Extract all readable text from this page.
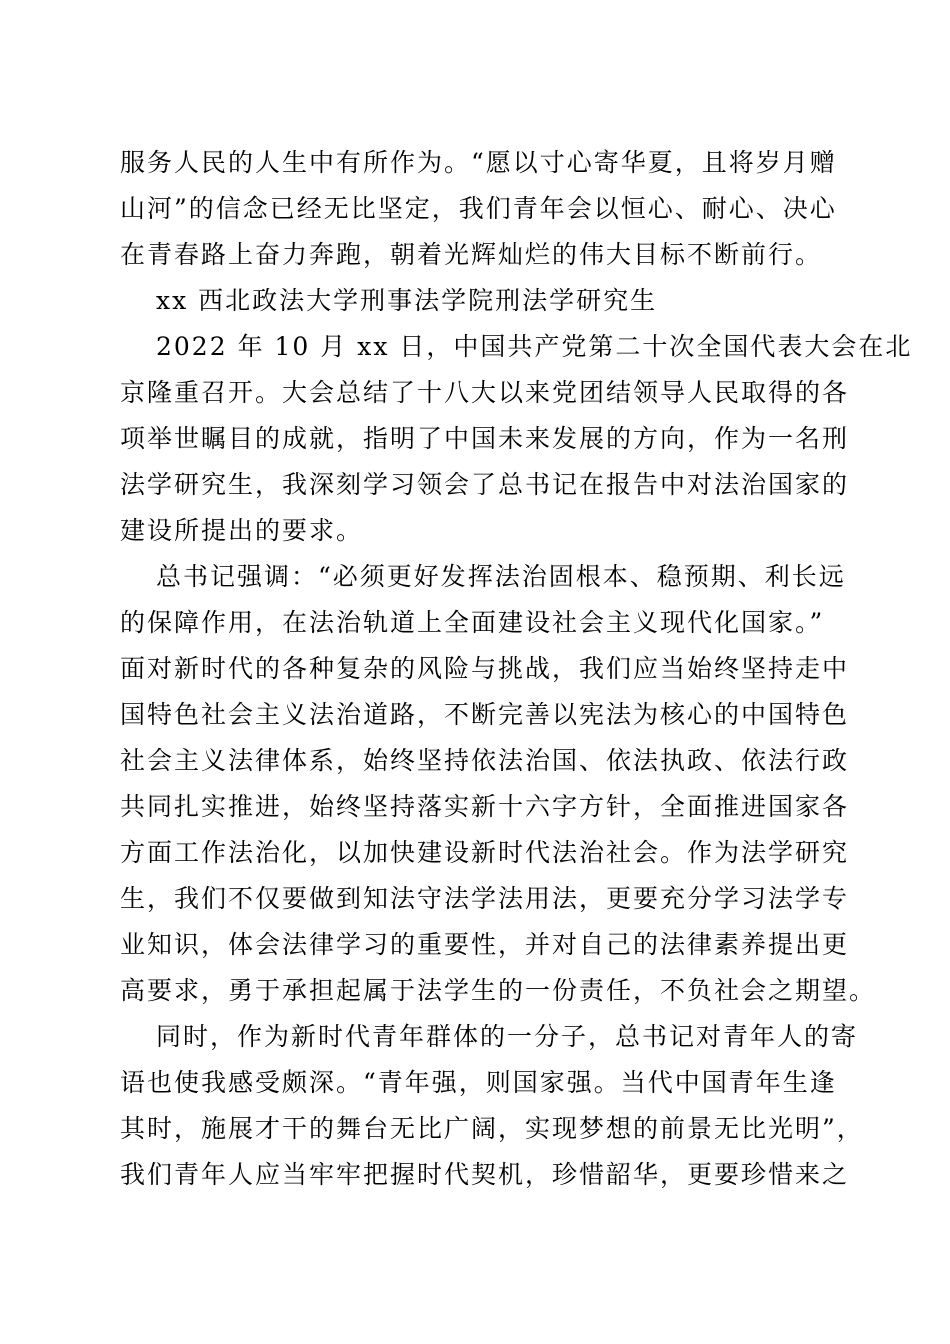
服务人民的人生中有所作为。“愿以寸心寄华夏，且将岁月赠
山河”的信念已经无比坚定，我们青年会以恒心、耐心、决心
在青春路上奋力奔跑，朝着光辉灿烂的伟大目标不断前行。
xx 西北政法大学刑事法学院刑法学研究生
2022 年 10 月 xx 日，中国共产党第二十次全国代表大会在北
京隆重召开。大会总结了十八大以来党团结领导人民取得的各
项举世瞩目的成就，指明了中国未来发展的方向，作为一名刑
法学研究生，我深刻学习领会了总书记在报告中对法治国家的
建设所提出的要求。
总书记强调：“必须更好发挥法治固根本、稳预期、利长远
的保障作用，在法治轨道上全面建设社会主义现代化国家。”
面对新时代的各种复杂的风险与挑战，我们应当始终坚持走中
国特色社会主义法治道路，不断完善以宪法为核心的中国特色
社会主义法律体系，始终坚持依法治国、依法执政、依法行政
共同扎实推进，始终坚持落实新十六字方针，全面推进国家各
方面工作法治化，以加快建设新时代法治社会。作为法学研究
生，我们不仅要做到知法守法学法用法，更要充分学习法学专
业知识，体会法律学习的重要性，并对自己的法律素养提出更
高要求，勇于承担起属于法学生的一份责任，不负社会之期望。
同时，作为新时代青年群体的一分子，总书记对青年人的寄
语也使我感受颇深。“青年强，则国家强。当代中国青年生逢
其时，施展才干的舞台无比广阔，实现梦想的前景无比光明”，
我们青年人应当牢牢把握时代契机，珍惜韶华，更要珍惜来之
